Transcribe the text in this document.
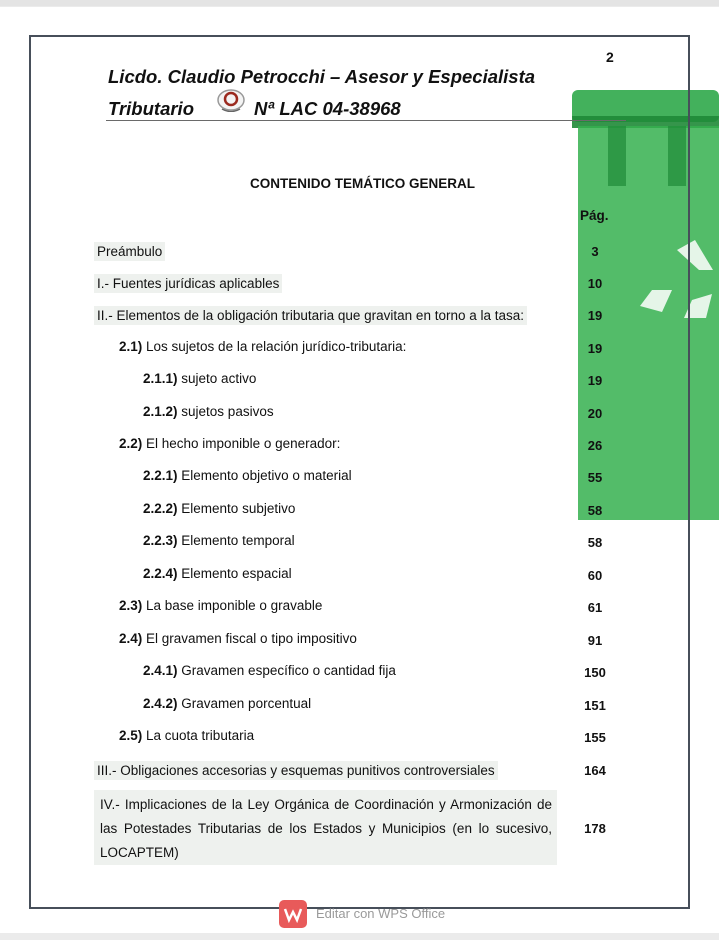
2
Licdo. Claudio Petrocchi – Asesor y Especialista
Tributario	Nª LAC 04-38968
CONTENIDO TEMÁTICO GENERAL
Pág.
Preámbulo	3
I.- Fuentes jurídicas aplicables	10
II.- Elementos de la obligación tributaria que gravitan en torno a la tasa:	19
2.1) Los sujetos de la relación jurídico-tributaria:	19
2.1.1) sujeto activo	19
2.1.2) sujetos pasivos	20
2.2) El hecho imponible o generador:	26
2.2.1) Elemento objetivo o material	55
2.2.2) Elemento subjetivo	58
2.2.3) Elemento temporal	58
2.2.4) Elemento espacial	60
2.3) La base imponible o gravable	61
2.4) El gravamen fiscal o tipo impositivo	91
2.4.1) Gravamen específico o cantidad fija	150
2.4.2) Gravamen porcentual	151
2.5) La cuota tributaria	155
III.- Obligaciones accesorias y esquemas punitivos controversiales	164
IV.- Implicaciones de la Ley Orgánica de Coordinación y Armonización de las Potestades Tributarias de los Estados y Municipios (en lo sucesivo, LOCAPTEM)
178
Editar con WPS Office
